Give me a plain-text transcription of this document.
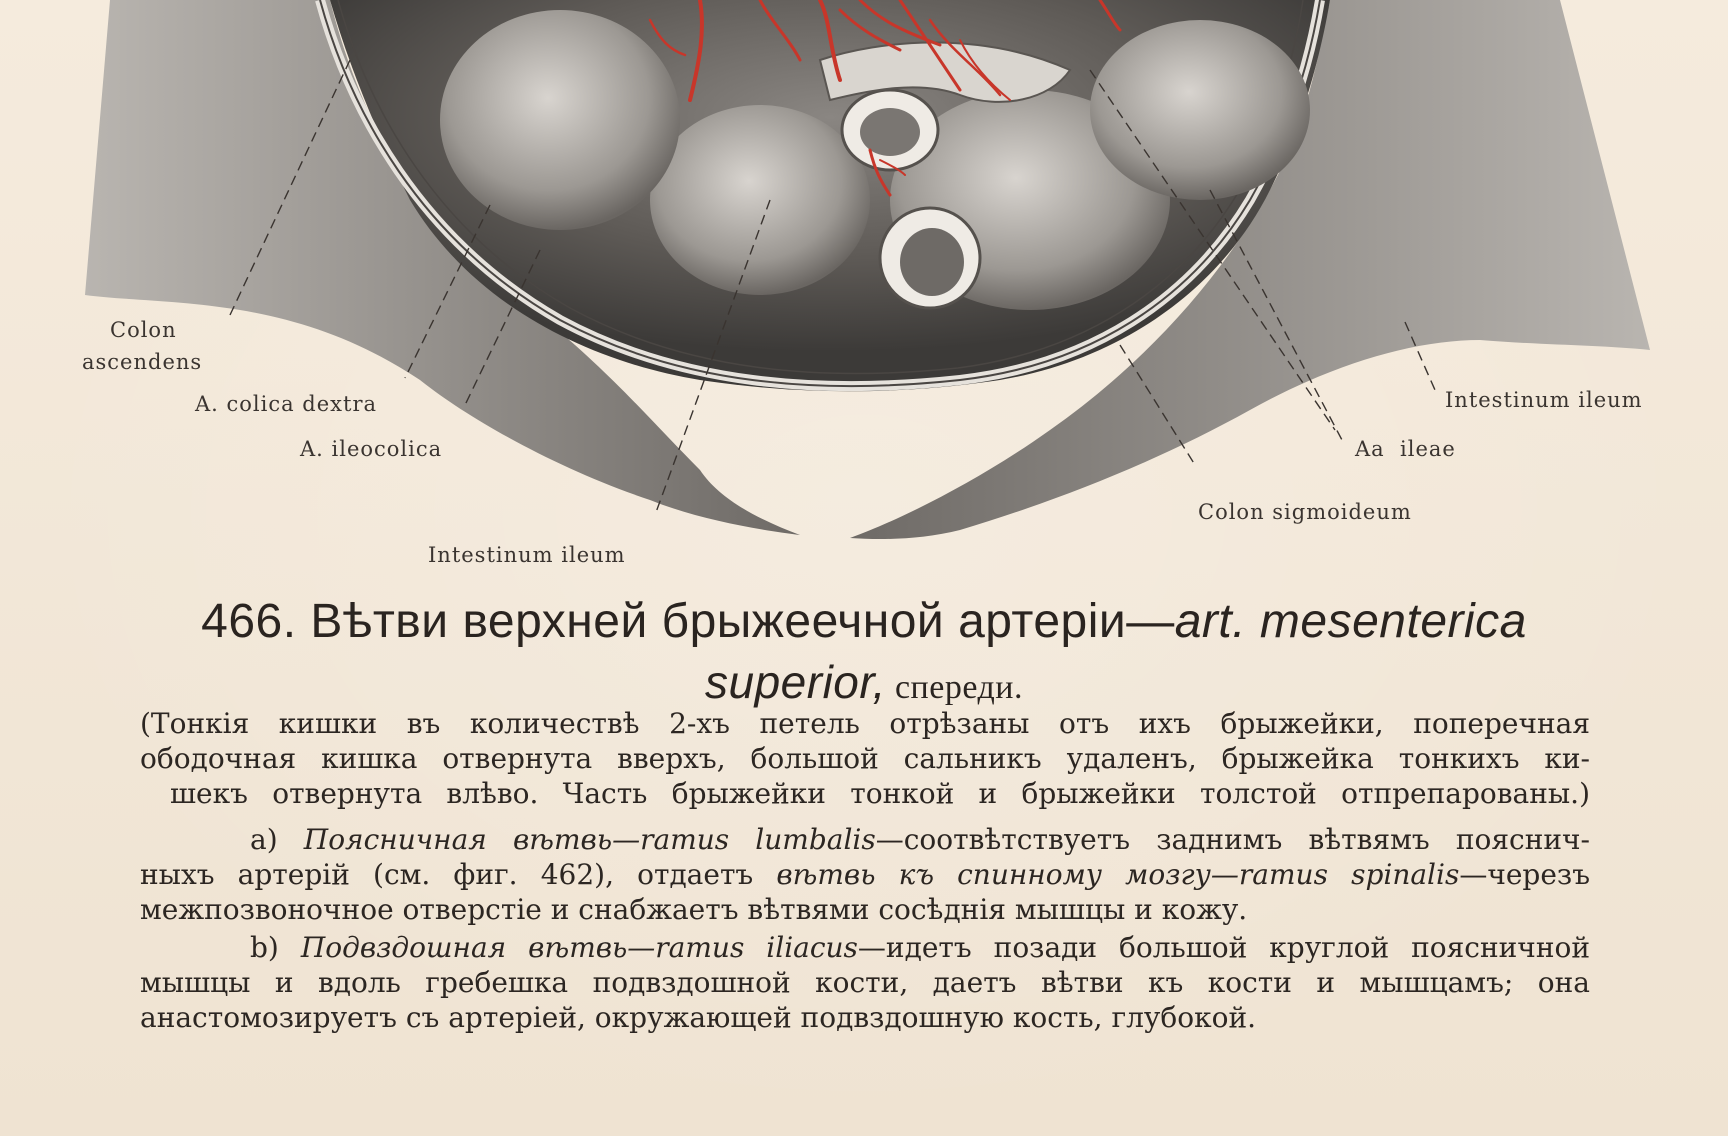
Colon
ascendens
A. colica dextra
A. ileocolica
Intestinum ileum
Colon sigmoideum
Aa  ileae
Intestinum ileum
466. Вѣтви верхней брыжеечной артеріи—art. mesenterica
superior, спереди.
(Тонкія кишки въ количествѣ 2-хъ петель отрѣзаны отъ ихъ брыжейки, поперечная
ободочная кишка отвернута вверхъ, большой сальникъ удаленъ, брыжейка тонкихъ ки-
шекъ отвернута влѣво. Часть брыжейки тонкой и брыжейки толстой отпрепарованы.)
a) Поясничная вѣтвь—ramus lumbalis—соотвѣтствуетъ заднимъ вѣтвямъ пояснич-
ныхъ артерій (см. фиг. 462), отдаетъ вѣтвь къ спинному мозгу—ramus spinalis—черезъ
межпозвоночное отверстіе и снабжаетъ вѣтвями сосѣднія мышцы и кожу.
b) Подвздошная вѣтвь—ramus iliacus—идетъ позади большой круглой поясничной
мышцы и вдоль гребешка подвздошной кости, даетъ вѣтви къ кости и мышцамъ; она
анастомозируетъ съ артеріей, окружающей подвздошную кость, глубокой.
